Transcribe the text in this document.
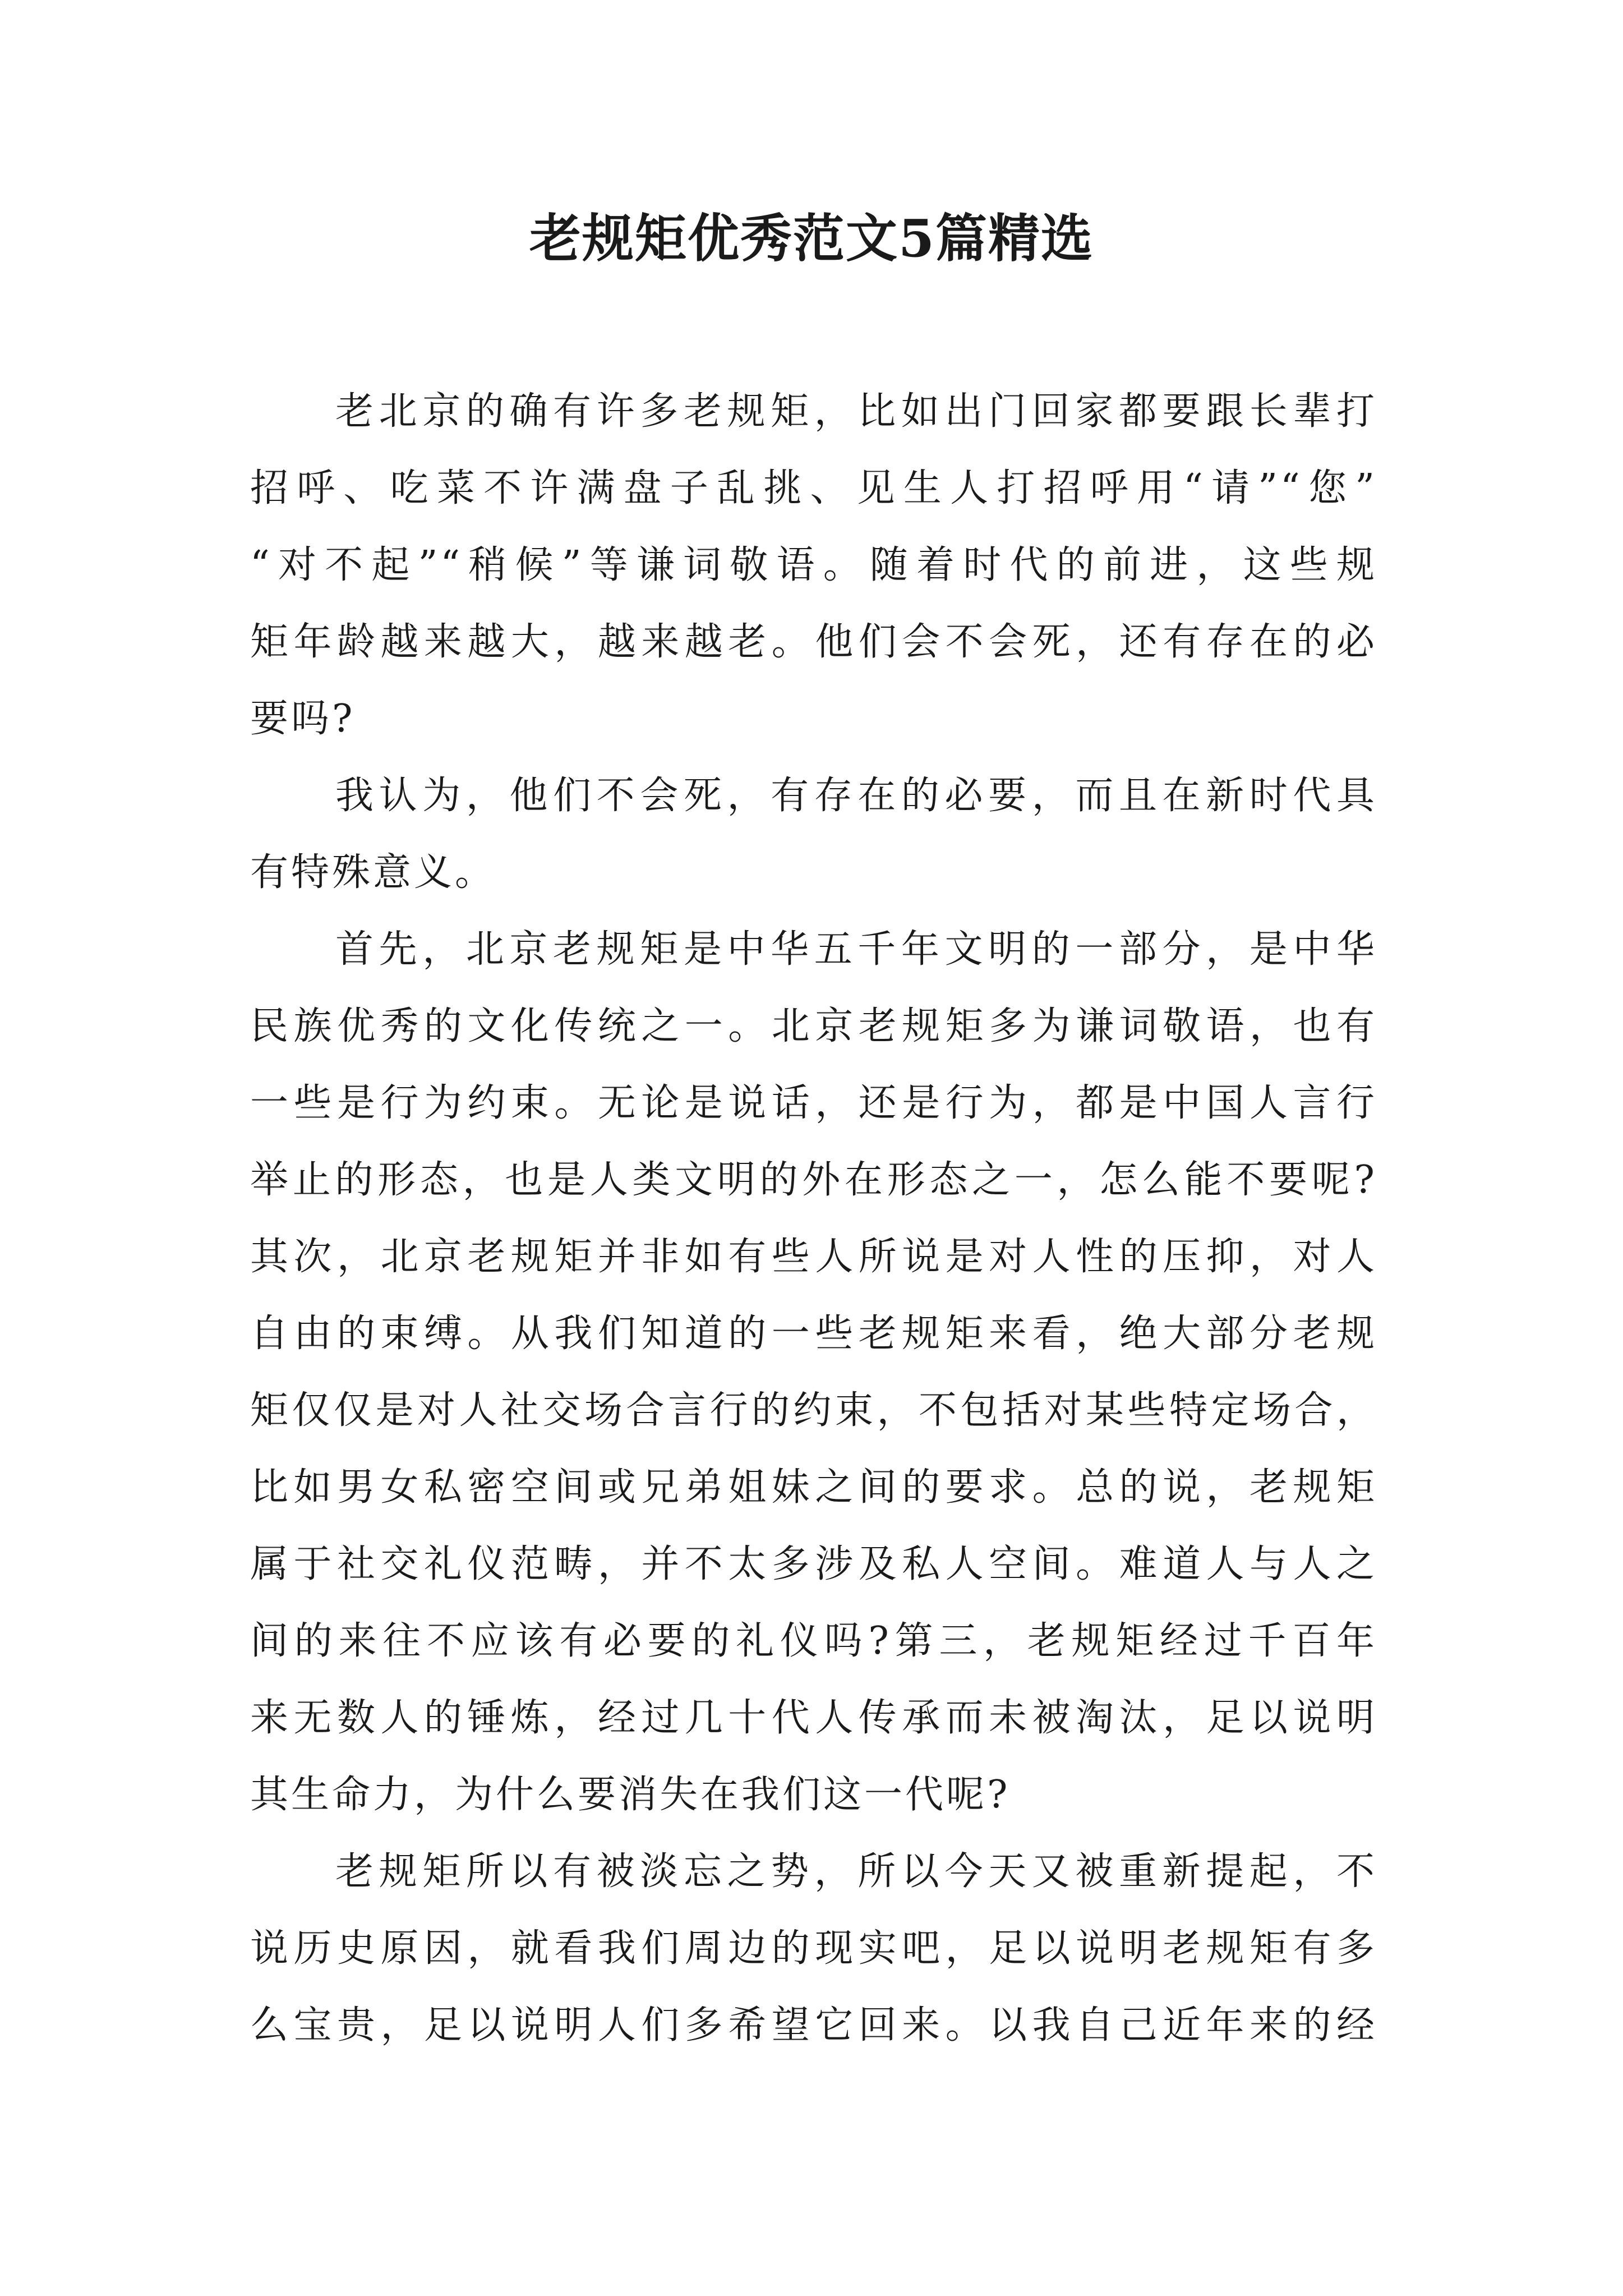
老规矩优秀范文5篇精选

老北京的确有许多老规矩，比如出门回家都要跟长辈打
招呼、吃菜不许满盘子乱挑、见生人打招呼用“请”“您”
“对不起”“稍候”等谦词敬语。随着时代的前进，这些规
矩年龄越来越大，越来越老。他们会不会死，还有存在的必
要吗?

我认为，他们不会死，有存在的必要，而且在新时代具
有特殊意义。

首先，北京老规矩是中华五千年文明的一部分，是中华
民族优秀的文化传统之一。北京老规矩多为谦词敬语，也有
一些是行为约束。无论是说话，还是行为，都是中国人言行
举止的形态，也是人类文明的外在形态之一，怎么能不要呢?
其次，北京老规矩并非如有些人所说是对人性的压抑，对人
自由的束缚。从我们知道的一些老规矩来看，绝大部分老规
矩仅仅是对人社交场合言行的约束，不包括对某些特定场合，
比如男女私密空间或兄弟姐妹之间的要求。总的说，老规矩
属于社交礼仪范畴，并不太多涉及私人空间。难道人与人之
间的来往不应该有必要的礼仪吗?第三，老规矩经过千百年
来无数人的锤炼，经过几十代人传承而未被淘汰，足以说明
其生命力，为什么要消失在我们这一代呢?

老规矩所以有被淡忘之势，所以今天又被重新提起，不
说历史原因，就看我们周边的现实吧，足以说明老规矩有多
么宝贵，足以说明人们多希望它回来。以我自己近年来的经
